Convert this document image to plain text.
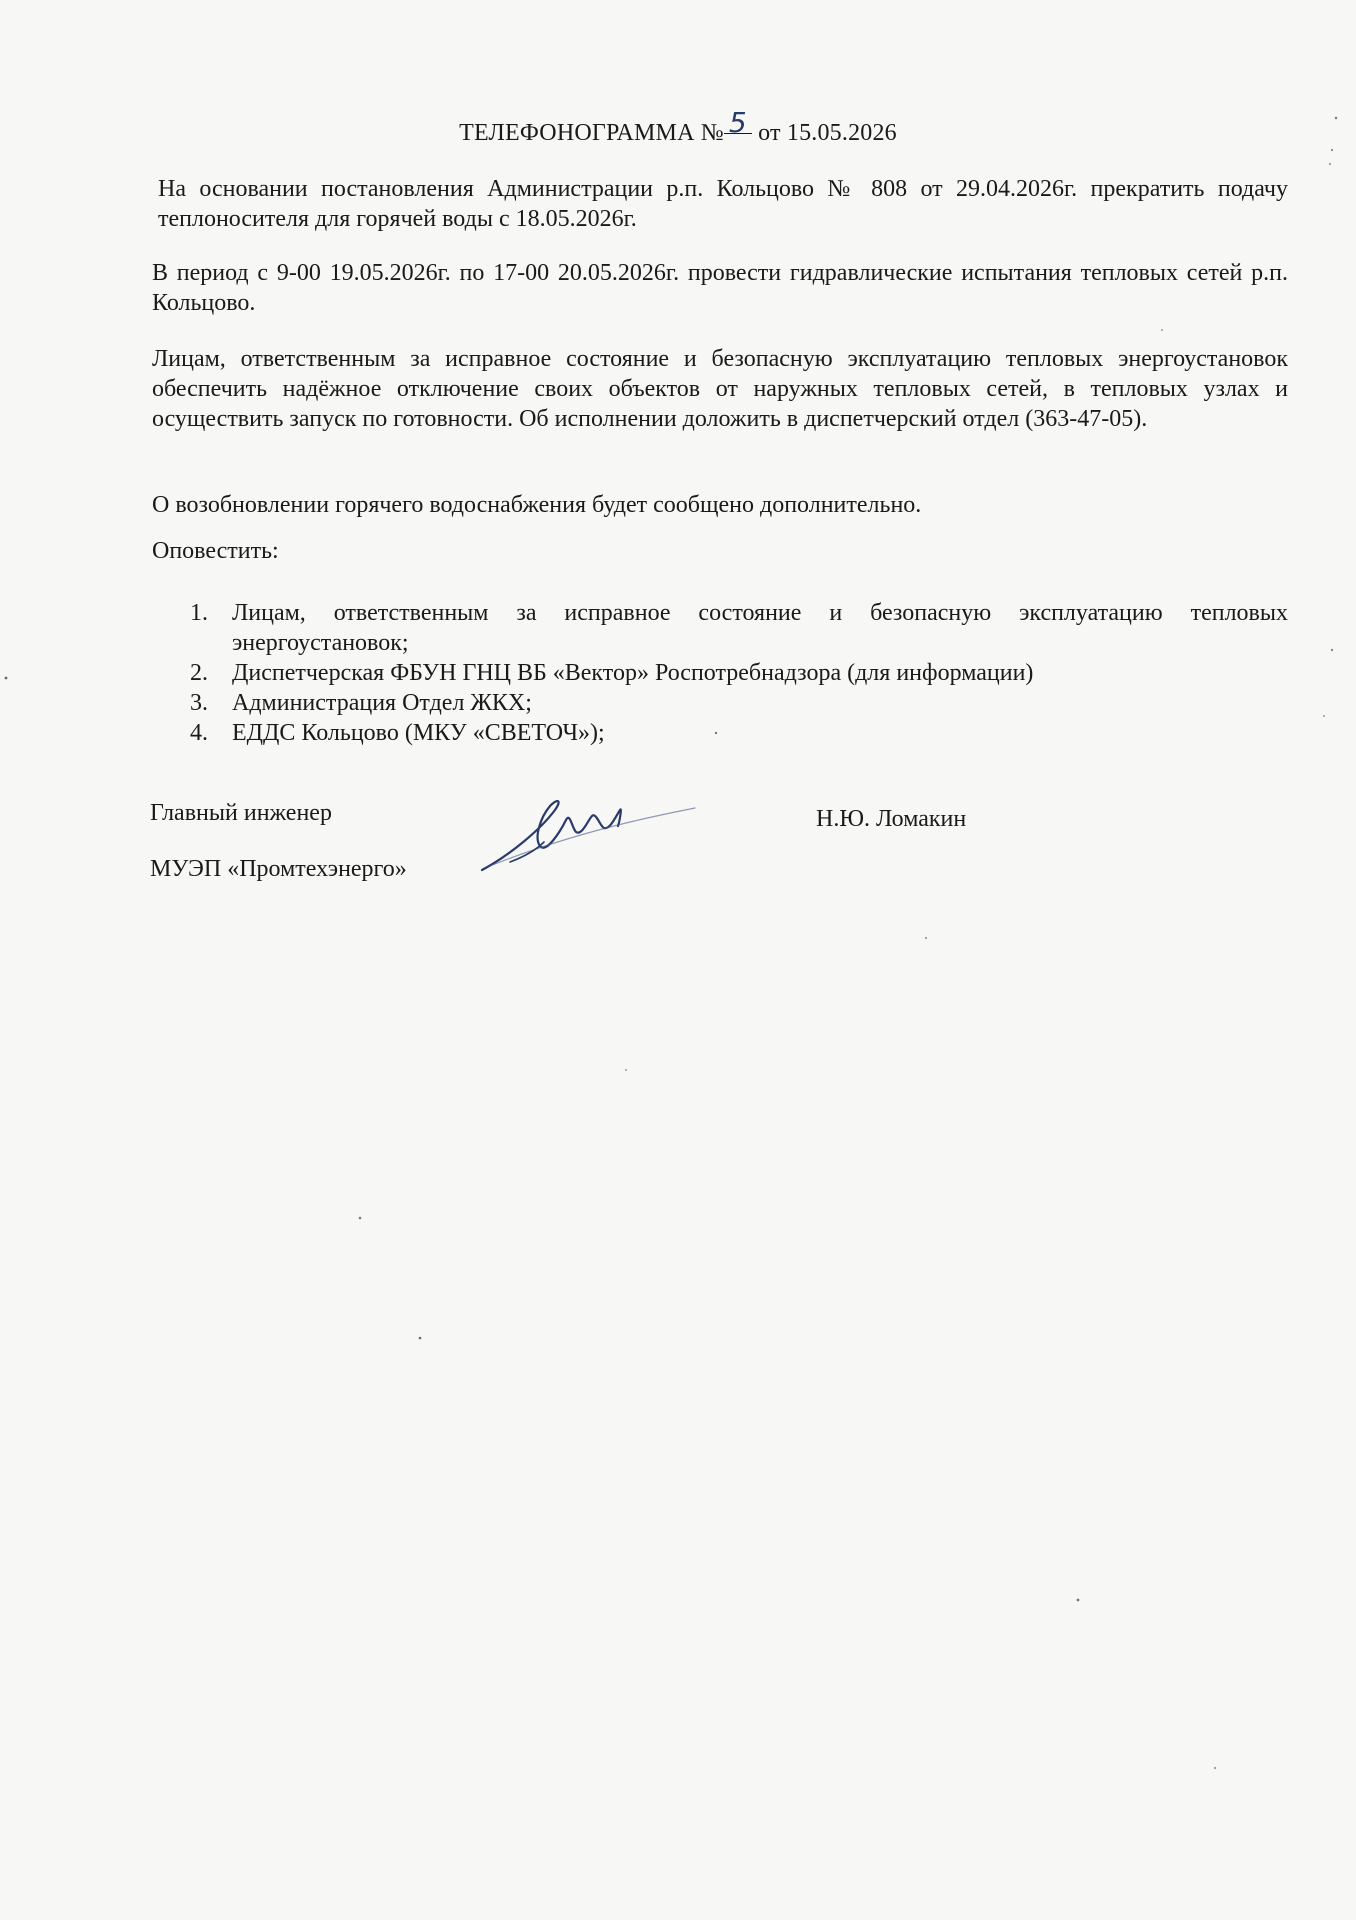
ТЕЛЕФОНОГРАММА № 5 от 15.05.2026

На основании постановления Администрации р.п. Кольцово № 808 от 29.04.2026г. прекратить подачу теплоносителя для горячей воды с 18.05.2026г.

В период с 9-00 19.05.2026г. по 17-00 20.05.2026г. провести гидравлические испытания тепловых сетей р.п. Кольцово.

Лицам, ответственным за исправное состояние и безопасную эксплуатацию тепловых энергоустановок обеспечить надёжное отключение своих объектов от наружных тепловых сетей, в тепловых узлах и осуществить запуск по готовности. Об исполнении доложить в диспетчерский отдел (363-47-05).

О возобновлении горячего водоснабжения будет сообщено дополнительно.

Оповестить:

1. Лицам, ответственным за исправное состояние и безопасную эксплуатацию тепловых энергоустановок;
2. Диспетчерская ФБУН ГНЦ ВБ «Вектор» Роспотребнадзора (для информации)
3. Администрация Отдел ЖКХ;
4. ЕДДС Кольцово (МКУ «СВЕТОЧ»);
Главный инженер
МУЭП «Промтехэнерго»
Н.Ю. Ломакин
